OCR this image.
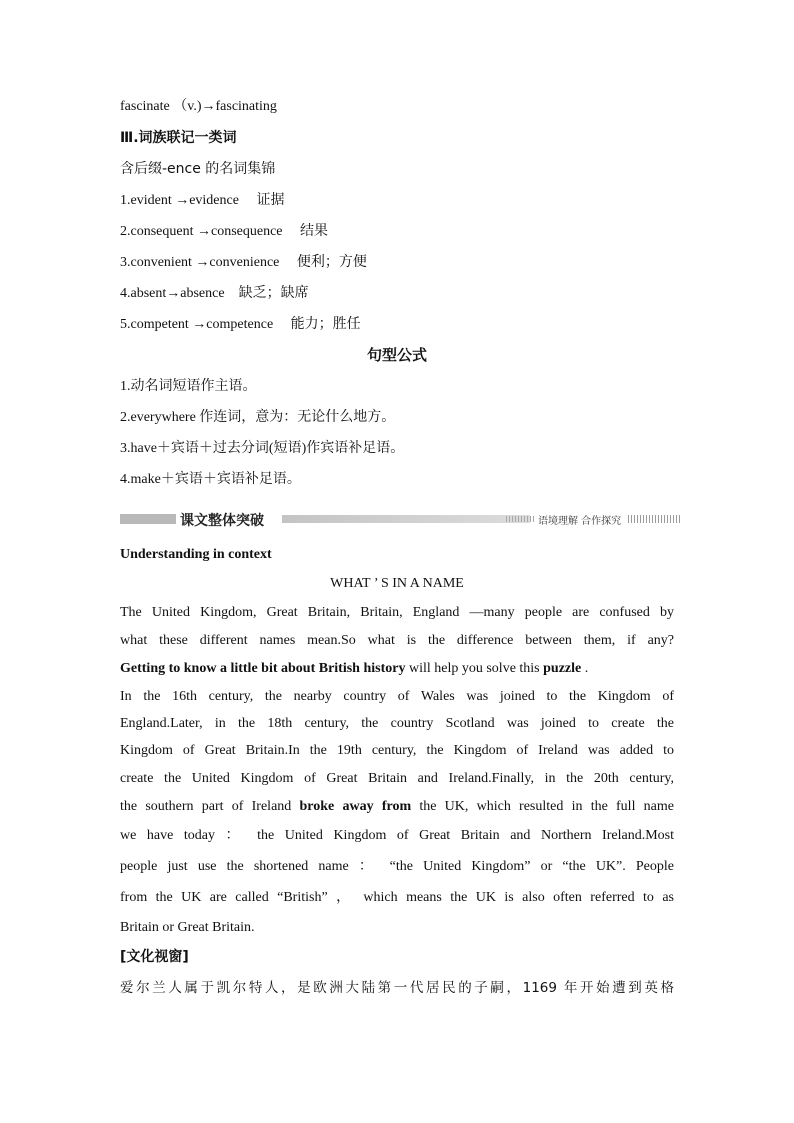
fascinate （v.)→fascinating
Ⅲ.词族联记一类词
含后缀-ence 的名词集锦
1.evident →evidence　 证据
2.consequent →consequence　 结果
3.convenient →convenience　 便利；方便
4.absent→absence　缺乏；缺席
5.competent →competence　 能力；胜任
句型公式
1.动名词短语作主语。
2.everywhere 作连词，意为：无论什么地方。
3.have＋宾语＋过去分词(短语)作宾语补足语。
4.make＋宾语＋宾语补足语。
课文整体突破	语境理解 合作探究
Understanding in context
WHAT ’ S IN A NAME
The United Kingdom, Great Britain, Britain, England —many people are confused by
what these different names mean.So what is the difference between them, if any?
Getting to know a little bit about British history will help you solve this puzzle .
In the 16th century, the nearby country of Wales was joined to the Kingdom of
England.Later, in the 18th century, the country Scotland was joined to create the
Kingdom of Great Britain.In the 19th century, the Kingdom of Ireland was added to
create the United Kingdom of Great Britain and Ireland.Finally, in the 20th century,
the southern part of Ireland broke away from the UK, which resulted in the full name
we have today ： the United Kingdom of Great Britain and Northern Ireland.Most
people just use the shortened name ： “the United Kingdom” or “the UK”. People
from the UK are called “British” ， which means the UK is also often referred to as
Britain or Great Britain.
[文化视窗]
爱尔兰人属于凯尔特人，是欧洲大陆第一代居民的子嗣，1169 年开始遭到英格
